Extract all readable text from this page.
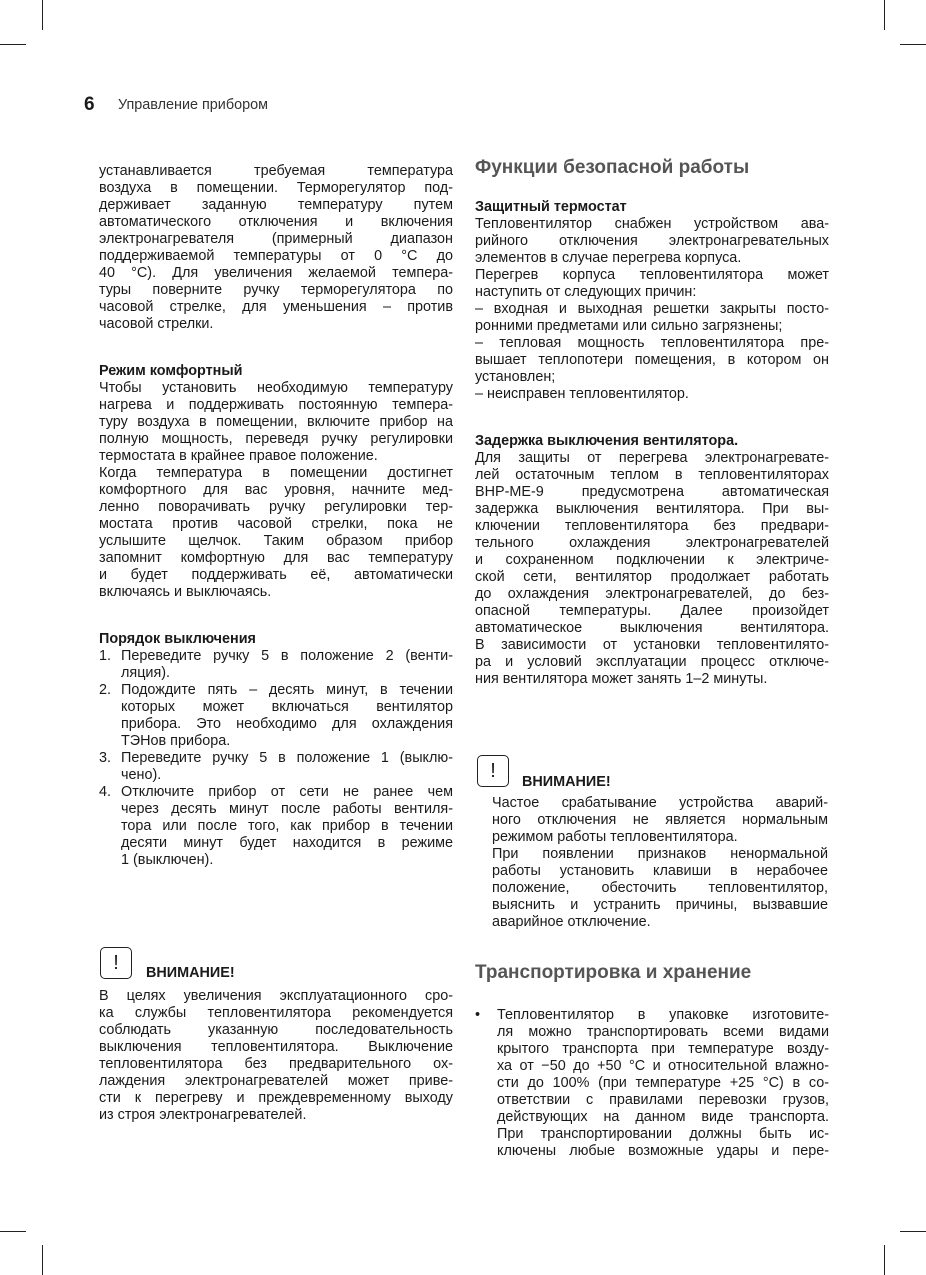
6 Управление прибором
устанавливается требуемая температура
воздуха в помещении. Терморегулятор под-
держивает заданную температуру путем
автоматического отключения и включения
электронагревателя (примерный диапазон
поддерживаемой температуры от 0 °С до
40 °С). Для увеличения желаемой темпера-
туры поверните ручку терморегулятора по
часовой стрелке, для уменьшения – против
часовой стрелки.
Режим комфортный
Чтобы установить необходимую температуру
нагрева и поддерживать постоянную темпера-
туру воздуха в помещении, включите прибор на
полную мощность, переведя ручку регулировки
термостата в крайнее правое положение.
Когда температура в помещении достигнет
комфортного для вас уровня, начните мед-
ленно поворачивать ручку регулировки тер-
мостата против часовой стрелки, пока не
услышите щелчок. Таким образом прибор
запомнит комфортную для вас температуру
и будет поддерживать её, автоматически
включаясь и выключаясь.
Порядок выключения
1. Переведите ручку 5 в положение 2 (венти-
ляция).
2. Подождите пять – десять минут, в течении
которых может включаться вентилятор
прибора. Это необходимо для охлаждения
ТЭНов прибора.
3. Переведите ручку 5 в положение 1 (выклю-
чено).
4. Отключите прибор от сети не ранее чем
через десять минут после работы вентиля-
тора или после того, как прибор в течении
десяти минут будет находится в режиме
1 (выключен).
!	ВНИМАНИЕ!
В целях увеличения эксплуатационного сро-
ка службы тепловентилятора рекомендуется
соблюдать указанную последовательность
выключения тепловентилятора. Выключение
тепловентилятора без предварительного ох-
лаждения электронагревателей может приве-
сти к перегреву и преждевременному выходу
из строя электронагревателей.
Функции безопасной работы
Защитный термостат
Тепловентилятор снабжен устройством ава-
рийного отключения электронагревательных
элементов в случае перегрева корпуса.
Перегрев корпуса тепловентилятора может
наступить от следующих причин:
– входная и выходная решетки закрыты посто-
ронними предметами или сильно загрязнены;
– тепловая мощность тепловентилятора пре-
вышает теплопотери помещения, в котором он
установлен;
– неисправен тепловентилятор.
Задержка выключения вентилятора.
Для защиты от перегрева электронагревате-
лей остаточным теплом в тепловентиляторах
ВНР-МЕ-9 предусмотрена автоматическая
задержка выключения вентилятора. При вы-
ключении тепловентилятора без предвари-
тельного охлаждения электронагревателей
и сохраненном подключении к электриче-
ской сети, вентилятор продолжает работать
до охлаждения электронагревателей, до без-
опасной температуры. Далее произойдет
автоматическое выключения вентилятора.
В зависимости от установки тепловентилято-
ра и условий эксплуатации процесс отключе-
ния вентилятора может занять 1–2 минуты.
!	ВНИМАНИЕ!
Частое срабатывание устройства аварий-
ного отключения не является нормальным
режимом работы тепловентилятора.
При появлении признаков ненормальной
работы установить клавиши в нерабочее
положение, обесточить тепловентилятор,
выяснить и устранить причины, вызвавшие
аварийное отключение.
Транспортировка и хранение
• Тепловентилятор в упаковке изготовите-
ля можно транспортировать всеми видами
крытого транспорта при температуре возду-
ха от −50 до +50 °С и относительной влажно-
сти до 100% (при температуре +25 °С) в со-
ответствии с правилами перевозки грузов,
действующих на данном виде транспорта.
При транспортировании должны быть ис-
ключены любые возможные удары и пере-
